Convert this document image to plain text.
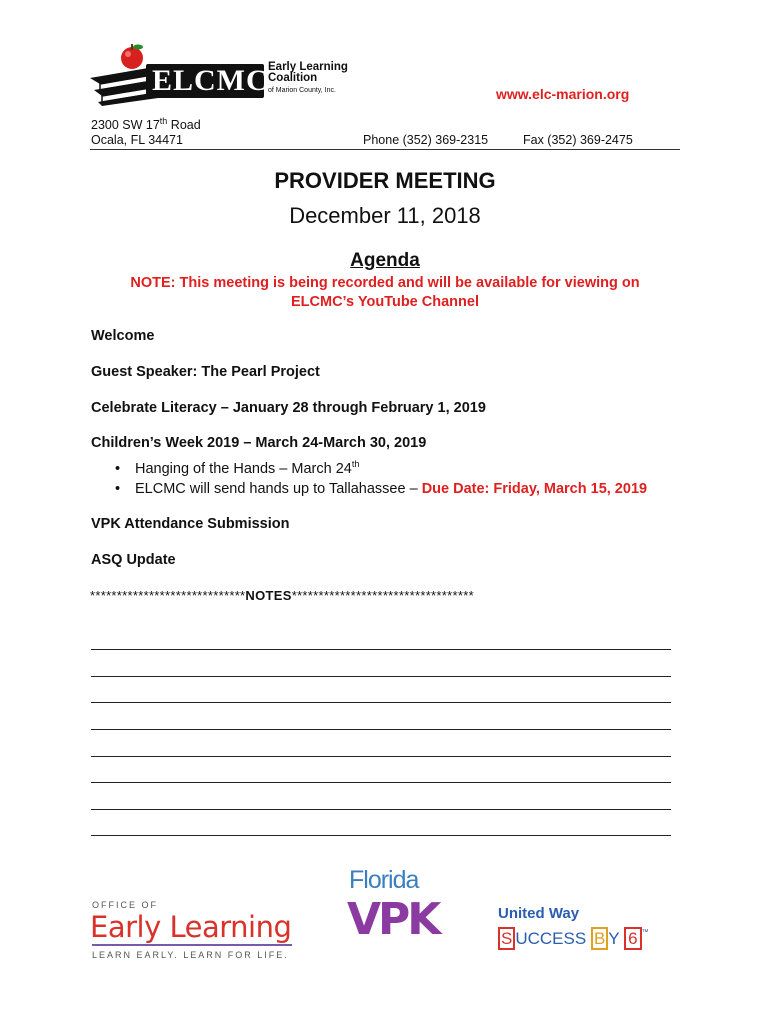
ELCMC Early Learning
Coalition
of Marion County, Inc.	www.elc-marion.org
2300 SW 17th Road
Ocala, FL 34471	Phone (352) 369-2315	Fax (352) 369-2475
PROVIDER MEETING
December 11, 2018
Agenda
NOTE: This meeting is being recorded and will be available for viewing on ELCMC’s YouTube Channel
Welcome
Guest Speaker: The Pearl Project
Celebrate Literacy – January 28 through February 1, 2019
Children’s Week 2019 – March 24-March 30, 2019
• Hanging of the Hands – March 24th
• ELCMC will send hands up to Tallahassee – Due Date: Friday, March 15, 2019
VPK Attendance Submission
ASQ Update
*****************************NOTES**********************************
OFFICE OF
Early Learning
LEARN EARLY. LEARN FOR LIFE.
Florida
VPK	United Way
S UCCESS B Y 6 ™
